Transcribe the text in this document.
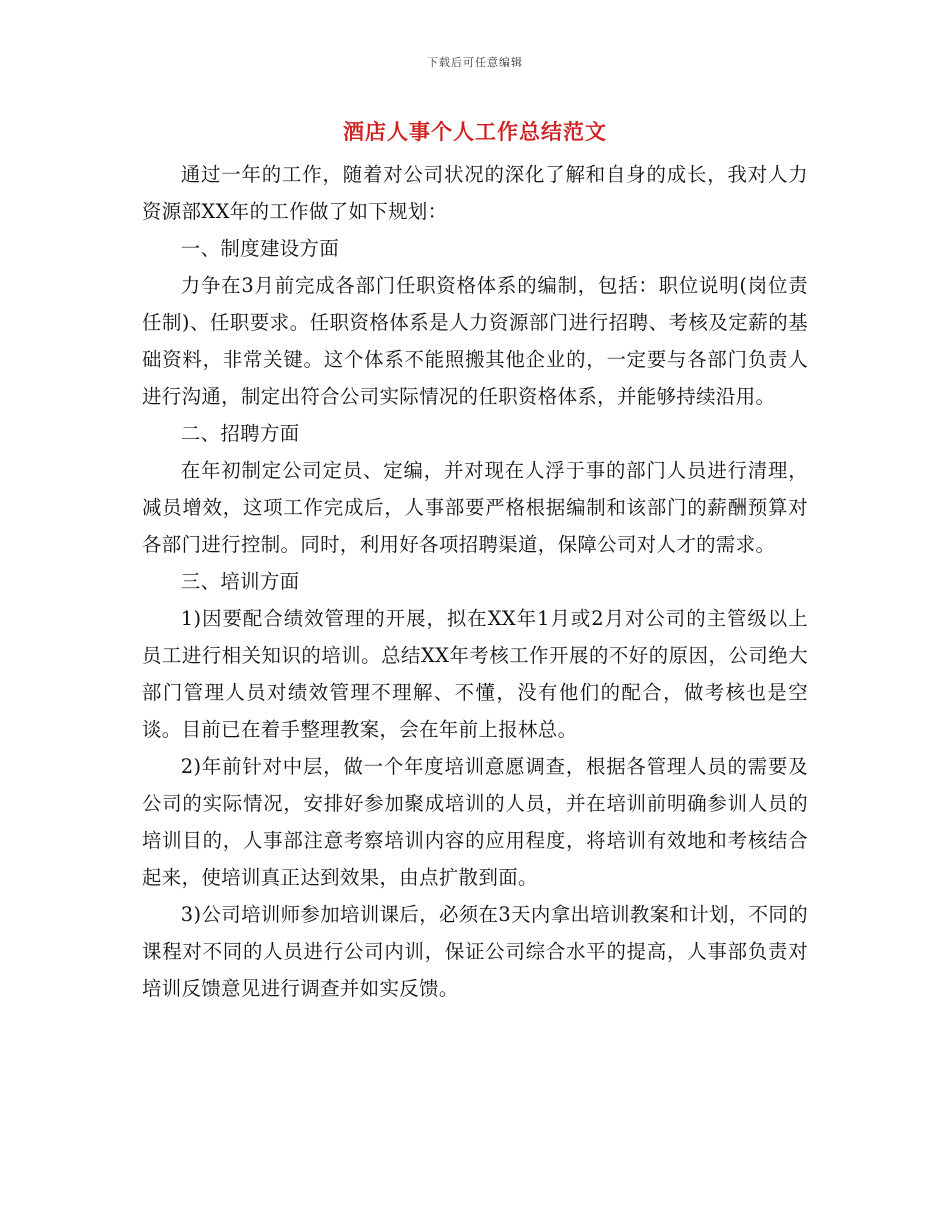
下载后可任意编辑
酒店人事个人工作总结范文

通过一年的工作，随着对公司状况的深化了解和自身的成长，我对人力资源部XX年的工作做了如下规划：

一、制度建设方面

力争在3月前完成各部门任职资格体系的编制，包括：职位说明(岗位责任制)、任职要求。任职资格体系是人力资源部门进行招聘、考核及定薪的基础资料，非常关键。这个体系不能照搬其他企业的，一定要与各部门负责人进行沟通，制定出符合公司实际情况的任职资格体系，并能够持续沿用。

二、招聘方面

在年初制定公司定员、定编，并对现在人浮于事的部门人员进行清理，减员增效，这项工作完成后，人事部要严格根据编制和该部门的薪酬预算对各部门进行控制。同时，利用好各项招聘渠道，保障公司对人才的需求。

三、培训方面

1)因要配合绩效管理的开展，拟在XX年1月或2月对公司的主管级以上员工进行相关知识的培训。总结XX年考核工作开展的不好的原因，公司绝大部门管理人员对绩效管理不理解、不懂，没有他们的配合，做考核也是空谈。目前已在着手整理教案，会在年前上报林总。

2)年前针对中层，做一个年度培训意愿调查，根据各管理人员的需要及公司的实际情况，安排好参加聚成培训的人员，并在培训前明确参训人员的培训目的，人事部注意考察培训内容的应用程度，将培训有效地和考核结合起来，使培训真正达到效果，由点扩散到面。

3)公司培训师参加培训课后，必须在3天内拿出培训教案和计划，不同的课程对不同的人员进行公司内训，保证公司综合水平的提高，人事部负责对培训反馈意见进行调查并如实反馈。
